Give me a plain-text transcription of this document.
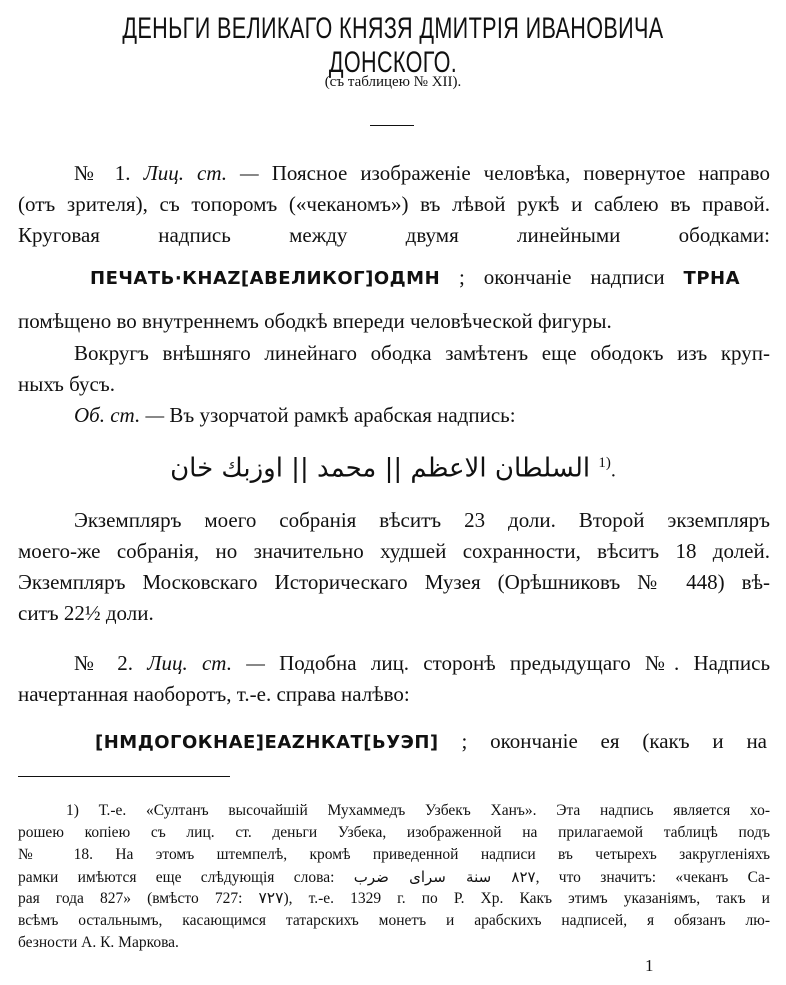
ДЕНЬГИ ВЕЛИКАГО КНЯЗЯ ДМИТРІЯ ИВАНОВИЧА ДОНСКОГО.
(съ таблицею № XII).

№ 1. Лиц. ст. — Поясное изображеніе человѣка, повернутое направо

(отъ зрителя), съ топоромъ («чеканомъ») въ лѣвой рукѣ и саблею въ правой.

Круговая надпись между двумя линейными ободками:

ПЕЧАТЬ·КНАZ[АВЕЛИКОГ]ОДМН ; окончаніе надписи ТРНА

помѣщено во внутреннемъ ободкѣ впереди человѣческой фигуры.

Вокругъ внѣшняго линейнаго ободка замѣтенъ еще ободокъ изъ круп-

ныхъ бусъ.

Об. ст. — Въ узорчатой рамкѣ арабская надпись:

السلطان الاعظم || محمد || اوزبك خان $^{1)}$.

Экземпляръ моего собранія вѣситъ 23 доли. Второй экземпляръ

моего-же собранія, но значительно худшей сохранности, вѣситъ 18 долей.

Экземпляръ Московскаго Историческаго Музея (Орѣшниковъ № 448) вѣ-

ситъ 22½ доли.

№ 2. Лиц. ст. — Подобна лиц. сторонѣ предыдущаго №. Надпись

начертанная наоборотъ, т.-е. справа налѣво:

[НМДОГОКНАЕ]ΕАZНКАТ[ЬУЭП] ; окончаніе ея (какъ и на

1) Т.-е. «Султанъ высочайшій Мухаммедъ Узбекъ Ханъ». Эта надпись является хо-

рошею копіею съ лиц. ст. деньги Узбека, изображенной на прилагаемой таблицѣ подъ

№ 18. На этомъ штемпелѣ, кромѣ приведенной надписи въ четырехъ закругленіяхъ

рамки имѣются еще слѣдующія слова: ٨٢٧ سنة سراى ضرب, что значитъ: «чеканъ Са-

рая года 827» (вмѣсто 727: ٧٢٧), т.-е. 1329 г. по Р. Хр. Какъ этимъ указаніямъ, такъ и

всѣмъ остальнымъ, касающимся татарскихъ монетъ и арабскихъ надписей, я обязанъ лю-

безности А. К. Маркова.

1
